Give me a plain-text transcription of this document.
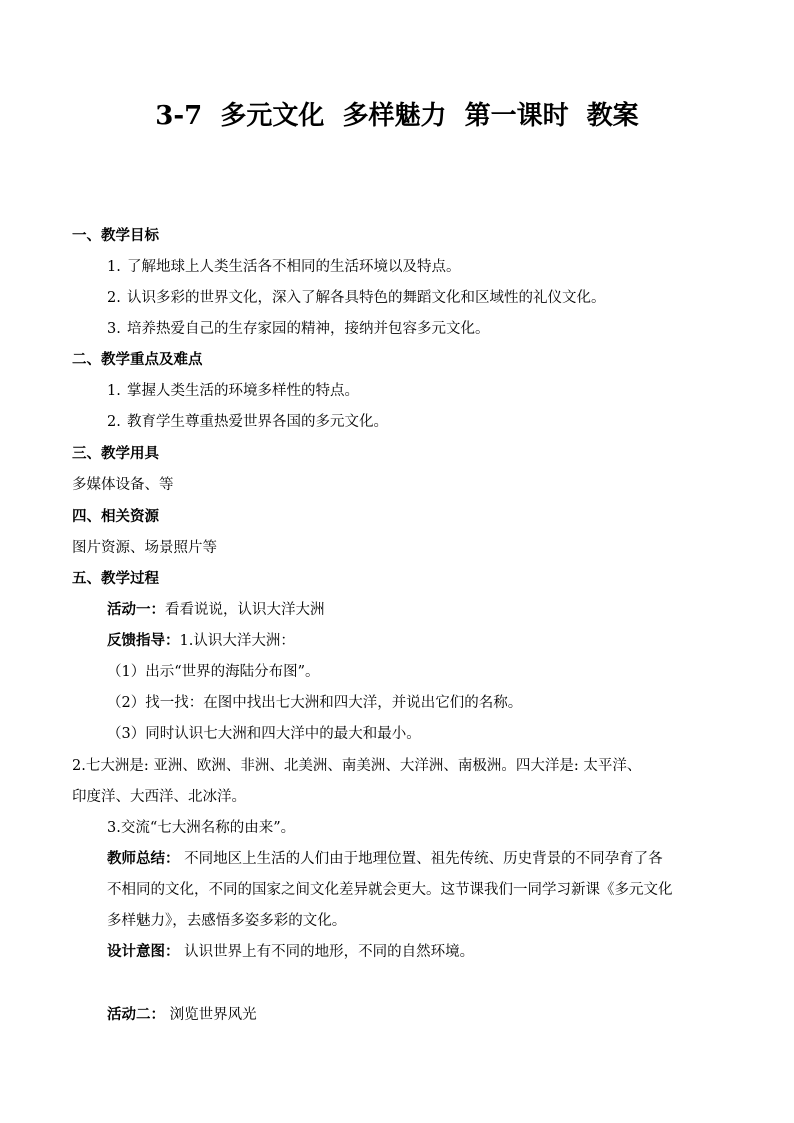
3-7  多元文化  多样魅力  第一课时  教案
一、教学目标
1. 了解地球上人类生活各不相同的生活环境以及特点。
2. 认识多彩的世界文化，深入了解各具特色的舞蹈文化和区域性的礼仪文化。
3. 培养热爱自己的生存家园的精神，接纳并包容多元文化。
二、教学重点及难点
1. 掌握人类生活的环境多样性的特点。
2. 教育学生尊重热爱世界各国的多元文化。
三、教学用具
多媒体设备、等
四、相关资源
图片资源、场景照片等
五、教学过程
活动一：看看说说，认识大洋大洲
反馈指导：1.认识大洋大洲：
（1）出示“世界的海陆分布图”。
（2）找一找：在图中找出七大洲和四大洋，并说出它们的名称。
（3）同时认识七大洲和四大洋中的最大和最小。
2.七大洲是: 亚洲、欧洲、非洲、北美洲、南美洲、大洋洲、南极洲。四大洋是: 太平洋、
印度洋、大西洋、北冰洋。
3.交流“七大洲名称的由来”。
教师总结： 不同地区上生活的人们由于地理位置、祖先传统、历史背景的不同孕育了各
不相同的文化，不同的国家之间文化差异就会更大。这节课我们一同学习新课《多元文化
多样魅力》，去感悟多姿多彩的文化。
设计意图： 认识世界上有不同的地形，不同的自然环境。
活动二： 浏览世界风光
